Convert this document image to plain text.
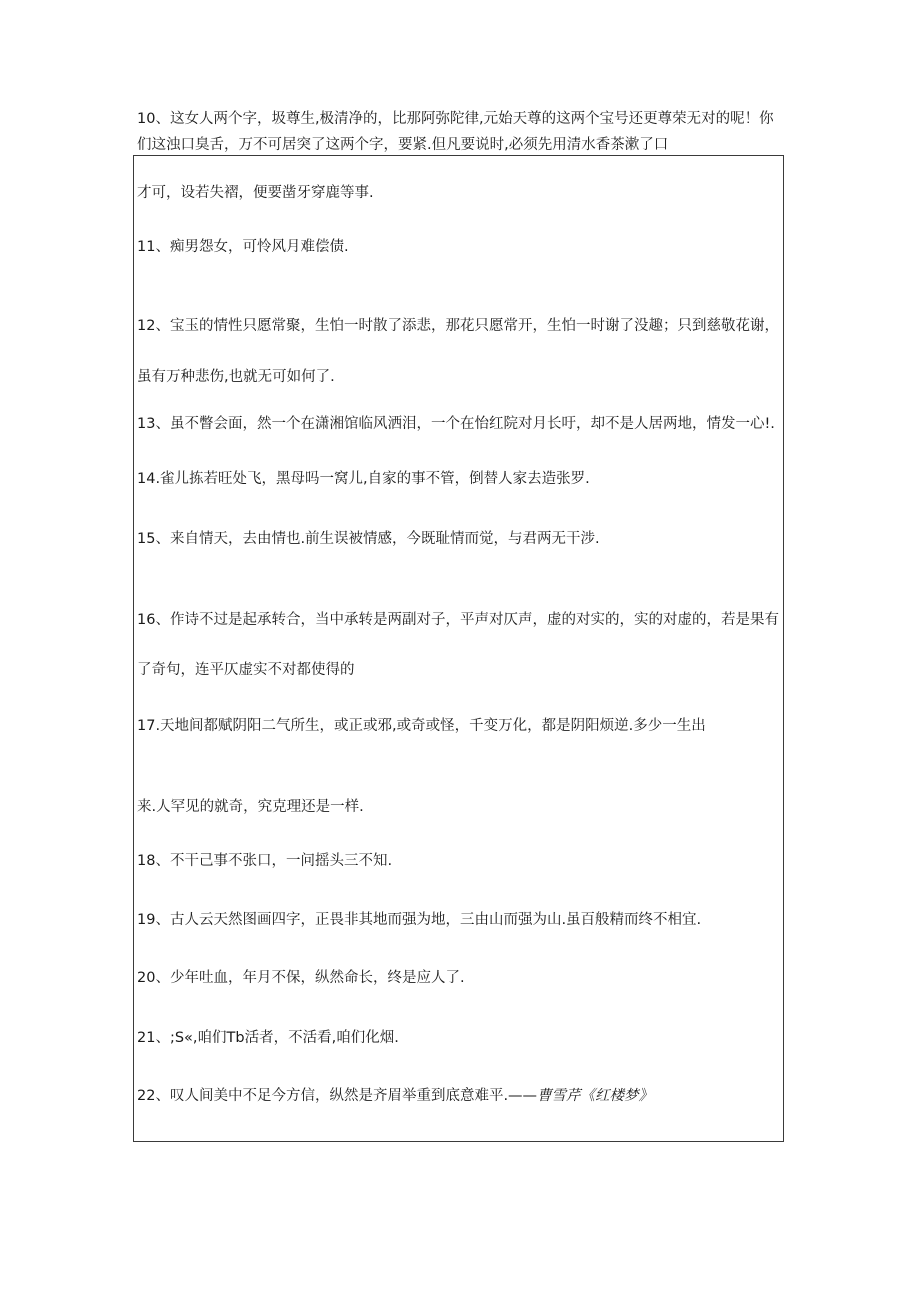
10、这女人两个字，圾尊生,极清净的，比那阿弥陀律,元始天尊的这两个宝号还更尊荣无对的呢！你们这浊口臭舌，万不可居突了这两个字，要紧.但凡要说时,必须先用清水香茶漱了口

才可，设若失褶，便要凿牙穿鹿等事.

11、痴男怨女，可怜风月难偿债.

12、宝玉的情性只愿常聚，生怕一时散了添悲，那花只愿常开，生怕一时谢了没趣；只到慈敬花谢，

虽有万种悲伤,也就无可如何了.

13、虽不瞥会面，然一个在潇湘馆临风洒泪，一个在怡红院对月长吁，却不是人居两地，情发一心!.

14.雀儿拣若旺处飞，黑母吗一窝儿,自家的事不管，倒替人家去造张罗.

15、来自情天，去由情也.前生误被情感，今既耻情而觉，与君两无干涉.

16、作诗不过是起承转合，当中承转是两副对子，平声对仄声，虚的对实的，实的对虚的，若是果有

了奇句，连平仄虚实不对都使得的

17.天地间都赋阴阳二气所生，或正或邪,或奇或怪，千变万化，都是阴阳烦逆.多少一生出

来.人罕见的就奇，究克理还是一样.

18、不干己事不张口，一问摇头三不知.

19、古人云天然图画四字，正畏非其地而强为地，三由山而强为山.虽百般精而终不相宜.

20、少年吐血，年月不保，纵然命长，终是应人了.

21、;S«,咱们Tb活者，不活看,咱们化烟.

22、叹人间美中不足今方信，纵然是齐眉举重到底意难平.——曹雪芹《红楼梦》
